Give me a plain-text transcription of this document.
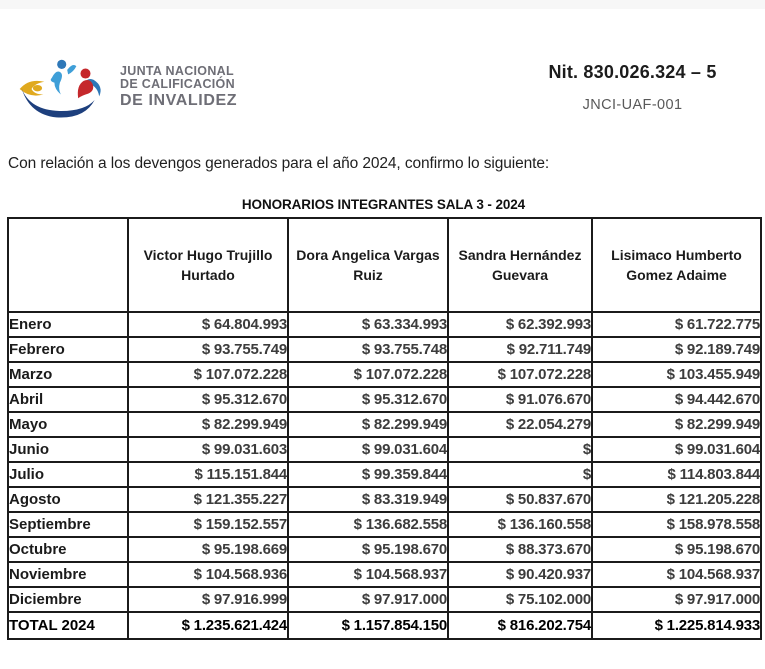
JUNTA NACIONAL
DE CALIFICACIÓN
DE INVALIDEZ
Nit. 830.026.324 – 5
JNCI-UAF-001
Con relación a los devengos generados para el año 2024, confirmo lo siguiente:
HONORARIOS INTEGRANTES SALA 3 - 2024
	Victor Hugo Trujillo Hurtado	Dora Angelica Vargas Ruiz	Sandra Hernández Guevara	Lisimaco Humberto Gomez Adaime
Enero	$ 64.804.993	$ 63.334.993	$ 62.392.993	$ 61.722.775
Febrero	$ 93.755.749	$ 93.755.748	$ 92.711.749	$ 92.189.749
Marzo	$ 107.072.228	$ 107.072.228	$ 107.072.228	$ 103.455.949
Abril	$ 95.312.670	$ 95.312.670	$ 91.076.670	$ 94.442.670
Mayo	$ 82.299.949	$ 82.299.949	$ 22.054.279	$ 82.299.949
Junio	$ 99.031.603	$ 99.031.604	$	$ 99.031.604
Julio	$ 115.151.844	$ 99.359.844	$	$ 114.803.844
Agosto	$ 121.355.227	$ 83.319.949	$ 50.837.670	$ 121.205.228
Septiembre	$ 159.152.557	$ 136.682.558	$ 136.160.558	$ 158.978.558
Octubre	$ 95.198.669	$ 95.198.670	$ 88.373.670	$ 95.198.670
Noviembre	$ 104.568.936	$ 104.568.937	$ 90.420.937	$ 104.568.937
Diciembre	$ 97.916.999	$ 97.917.000	$ 75.102.000	$ 97.917.000
TOTAL 2024	$ 1.235.621.424	$ 1.157.854.150	$ 816.202.754	$ 1.225.814.933
